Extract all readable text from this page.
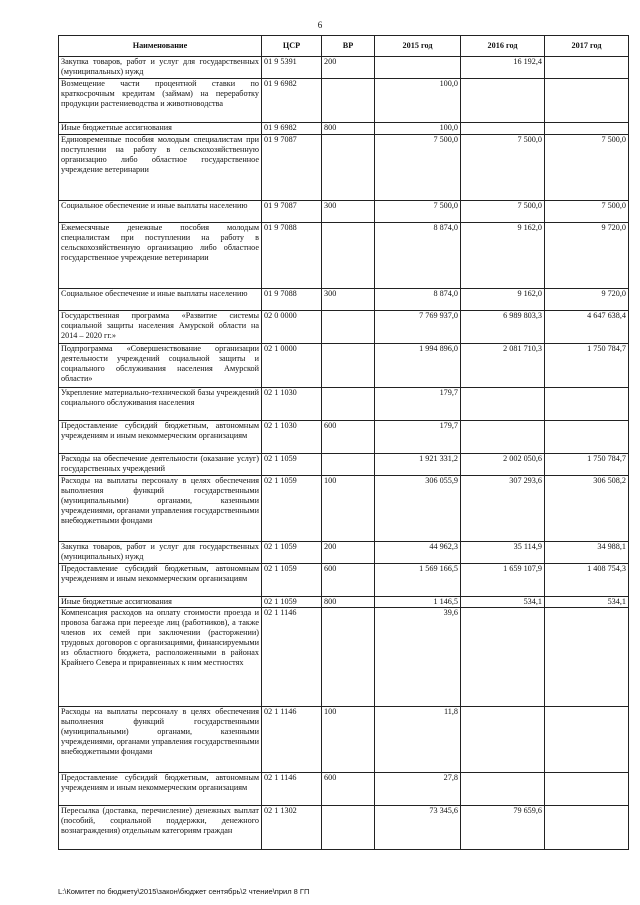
6
Наименование	ЦСР	ВР	2015 год	2016 год	2017 год
Закупка товаров, работ и услуг для государственных (муниципальных) нужд	01 9 5391	200		16 192,4	
Возмещение части процентной ставки по краткосрочным кредитам (займам) на переработку продукции растениеводства и животноводства	01 9 6982		100,0		
Иные бюджетные ассигнования	01 9 6982	800	100,0		
Единовременные пособия молодым специалистам при поступлении на работу в сельскохозяйственную организацию либо областное государственное учреждение ветеринарии	01 9 7087		7 500,0	7 500,0	7 500,0
Социальное обеспечение и иные выплаты населению	01 9 7087	300	7 500,0	7 500,0	7 500,0
Ежемесячные денежные пособия молодым специалистам при поступлении на работу в сельскохозяйственную организацию либо областное государственное учреждение ветеринарии	01 9 7088		8 874,0	9 162,0	9 720,0
Социальное обеспечение и иные выплаты населению	01 9 7088	300	8 874,0	9 162,0	9 720,0
Государственная программа «Развитие системы социальной защиты населения Амурской области на 2014 – 2020 гг.»	02 0 0000		7 769 937,0	6 989 803,3	4 647 638,4
Подпрограмма «Совершенствование организации деятельности учреждений социальной защиты и социального обслуживания населения Амурской области»	02 1 0000		1 994 896,0	2 081 710,3	1 750 784,7
Укрепление материально-технической базы учреждений социального обслуживания населения	02 1 1030		179,7		
Предоставление субсидий бюджетным, автономным учреждениям и иным некоммерческим организациям	02 1 1030	600	179,7		
Расходы на обеспечение деятельности (оказание услуг) государственных учреждений	02 1 1059		1 921 331,2	2 002 050,6	1 750 784,7
Расходы на выплаты персоналу в целях обеспечения выполнения функций государственными (муниципальными) органами, казенными учреждениями, органами управления государственными внебюджетными фондами	02 1 1059	100	306 055,9	307 293,6	306 508,2
Закупка товаров, работ и услуг для государственных (муниципальных) нужд	02 1 1059	200	44 962,3	35 114,9	34 988,1
Предоставление субсидий бюджетным, автономным учреждениям и иным некоммерческим организациям	02 1 1059	600	1 569 166,5	1 659 107,9	1 408 754,3
Иные бюджетные ассигнования	02 1 1059	800	1 146,5	534,1	534,1
Компенсация расходов на оплату стоимости проезда и провоза багажа при переезде лиц (работников), а также членов их семей при заключении (расторжении) трудовых договоров с организациями, финансируемыми из областного бюджета, расположенными в районах Крайнего Севера и приравненных к ним местностях	02 1 1146		39,6		
Расходы на выплаты персоналу в целях обеспечения выполнения функций государственными (муниципальными) органами, казенными учреждениями, органами управления государственными внебюджетными фондами	02 1 1146	100	11,8		
Предоставление субсидий бюджетным, автономным учреждениям и иным некоммерческим организациям	02 1 1146	600	27,8		
Пересылка (доставка, перечисление) денежных выплат (пособий, социальной поддержки, денежного вознаграждения) отдельным категориям граждан	02 1 1302		73 345,6	79 659,6	
L:\Комитет по бюджету\2015\закон\бюджет сентябрь\2 чтение\прил 8 ГП
